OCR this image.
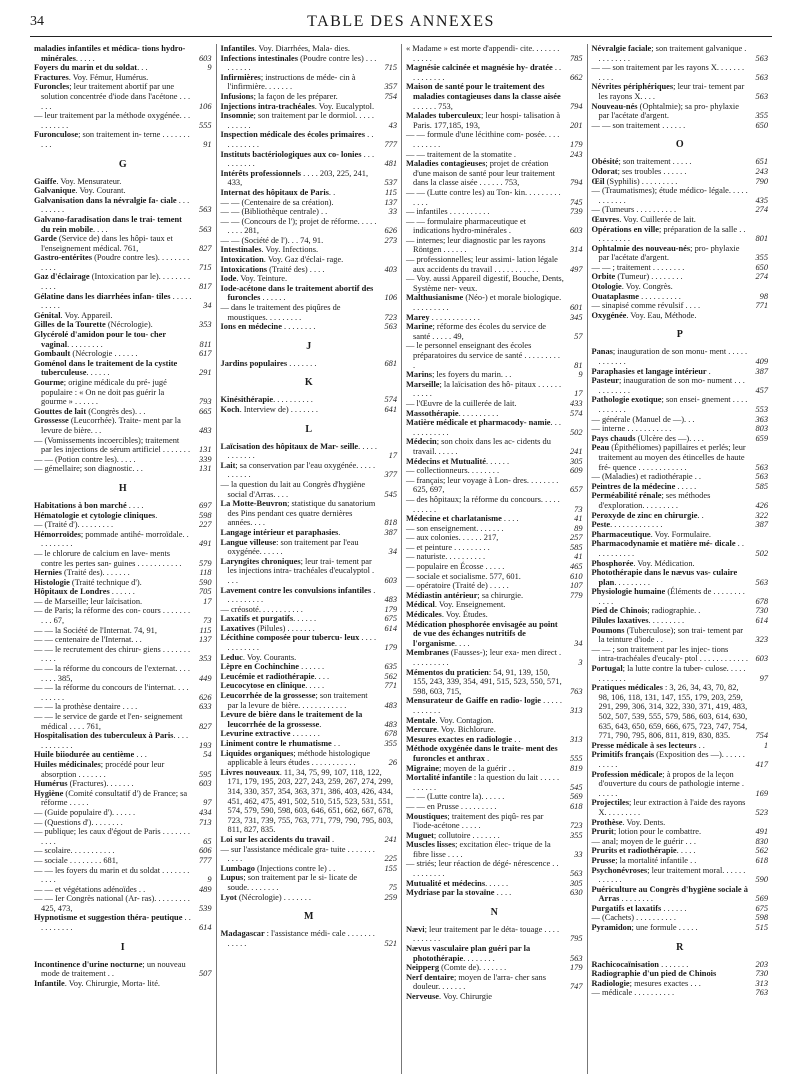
34	TABLE DES ANNEXES

maladies infantiles et médica- tions hydro-minérales. . . . .	603

Foyers du marin et du soldat. . .	9

Fractures. Voy. Fémur, Humérus.

Furoncles; leur traitement abortif par une solution concentrée d'iode dans l'acétone . . . . . .	106

— leur traitement par la méthode oxygénée. . . . . . . . . .	555

Furonculose; son traitement in- terne . . . . . . . . . .	91

G

Gaiffe. Voy. Mensurateur.

Galvanique. Voy. Courant.

Galvanisation dans la névralgie fa- ciale . . . . . . . . .	563

Galvano-faradisation dans le trai- tement du rein mobile. . . .	563

Garde (Service de) dans les hôpi- taux et l'enseignement médical. 761,	827

Gastro-entérites (Poudre contre les). . . . . . . . . . . .	715

Gaz d'éclairage (Intoxication par le). . . . . . . . . . . .	817

Gélatine dans les diarrhées infan- tiles . . . . . . . . . .	34

Génital. Voy. Appareil.

Gilles de la Tourette (Nécrologie).	353

Glycérolé d'amidon pour le tou- cher vaginal. . . . . . . . .	811

Gombault (Nécrologie . . . . . .	617

Goménol dans le traitement de la cystite tuberculeuse. . . . . .	291

Gourme; origine médicale du pré- jugé populaire : « On ne doit pas guérir la gourme » . . . . . .	793

Gouttes de lait (Congrès des). . .	665

Grossesse (Leucorrhée). Traite- ment par la levure de bière. . .	483

— (Vomissements incoercibles); traitement par les injections de sérum artificiel . . . . . . . 131

— — (Potion contre les). . . . .	339

— gémellaire; son diagnostic. . .	131

H

Habitations à bon marché . . . .	697

Hématologie et cytologie cliniques.	598

— (Traité d'). . . . . . . . .	227

Hémorroïdes; pommade antihé- morroïdale. . . . . . . . . .	491

— le chlorure de calcium en lave- ments contre les pertes san- guines . . . . . . . . . . . 579

Hernies (Traité des). . . . . . .	118

Histologie (Traité technique d').	590

Hôpitaux de Londres . . . . . .	705

— de Marseille; leur laïcisation.	17

— de Paris; la réforme des con- cours . . . . . . . . . . 67,	73

— — la Société de l'Internat. 74, 91,	115

— — centenaire de l'Internat. . .	137

— — le recrutement des chirur- giens . . . . . . . . . . .	353

— — la réforme du concours de l'externat. . . . . . . . 385,	449

— — la réforme du concours de l'internat. . . . . . . . . .	626

— — la prothèse dentaire . . . .	633

— — le service de garde et l'en- seignement médical . . . . 761,	827

Hospitalisation des tuberculeux à Paris. . . . . . . . . . . .	193

Huile biiodurée au centième . . .	54

Huiles médicinales; procédé pour leur absorption . . . . . . .	595

Humérus (Fractures). . . . . . .	603

Hygiène (Comité consultatif d') de France; sa réforme . . . . .	97

— (Guide populaire d'). . . . . .	434

— (Questions d'). . . . . . . .	713

— publique; les caux d'égout de Paris . . . . . . . . . . .	65

— scolaire. . . . . . . . . . .	606

— sociale . . . . . . . . 681,	777

— — les foyers du marin et du soldat . . . . . . . . . . .	9

— — et végétations adénoïdes . .	489

— — Ier Congrès national (Ar- ras). . . . . . . . . 425, 473,	539

Hypnotisme et suggestion théra- peutique . . . . . . . . . .	614

I

Incontinence d'urine nocturne; un nouveau mode de traitement . .	507

Infantile. Voy. Chirurgie, Morta- lité.

Infantiles. Voy. Diarrhées, Mala- dies.

Infections intestinales (Poudre contre les) . . . . . . . . .	715

Infirmières; instructions de méde- cin à l'infirmière. . . . . . .	357

Infusions; la façon de les préparer.	754

Injections intra-trachéales. Voy. Eucalyptol.

Insomnie; son traitement par le dormiol. . . . . . . . . . .	43

Inspection médicale des écoles primaires . . . . . . . . . .	777

Instituts bactériologiques aux co- lonies . . . . . . . . . .	481

Intérêts professionnels . . . . 203, 225, 241, 433,	537

Internat des hôpitaux de Paris. .	115

— — (Centenaire de sa création).	137

— — (Bibliothèque centrale) . .	33

— — (Concours de l'); projet de réforme. . . . . . . . . 281,	626

— — (Société de l'). . . 74, 91.	273

Intestinales. Voy. Infections.

Intoxication. Voy. Gaz d'éclai- rage.

Intoxications (Traité des) . . . .	403

Iode. Voy. Teinture.

Iode-acétone dans le traitement abortif des furoncles . . . . . .	106

— dans le traitement des piqûres de moustiques. . . . . . . . .	723

Ions en médecine . . . . . . . .	563

J

Jardins populaires . . . . . . .	681

K

Kinésithérapie. . . . . . . . . .	574

Koch. Interview de) . . . . . . .	641

L

Laïcisation des hôpitaux de Mar- seille. . . . . . . . . . . .	17

Lait; sa conservation par l'eau oxygénée. . . . . . . . . . .	377

— la question du lait au Congrès d'hygiène social d'Arras. . . .	545

La Motte-Beuvron; statistique du sanatorium des Pins pendant ces quatre dernières années. . . .	818

Langage intérieur et paraphasies.	387

Langue villeuse: son traitement par l'eau oxygénée. . . . . .	34

Laryngites chroniques; leur trai- tement par les injections intra- trachéales d'eucalyptol . . . .	603

Lavement contre les convulsions infantiles . . . . . . . . . .	483

— créosoté. . . . . . . . . . .	179

Laxatifs et purgatifs. . . . . .	675

Laxatives (Pilules) . . . . . . .	614

Lécithine composée pour tubercu- leux . . . . . . . . . . . .	179

Leduc. Voy. Courants.

Lèpre en Cochinchine . . . . . .	635

Leucémie et radiothérapie. . . .	562

Leucocytose en clinique. . . . .	771

Leucorrhée de la grossesse; son traitement par la levure de bière. . . . . . . . . . . .	483

Levure de bière dans le traitement de la leucorrhée de la grossesse.	483

Levurine extractive . . . . . . .	678

Liniment contre le rhumatisme . .	355

Liquides organiques; méthode histologique applicable à leurs études . . . . . . . . . . .	26

Livres nouveaux. 11, 34, 75, 99, 107, 118, 122, 171, 179, 195, 203, 227, 243, 259, 267, 274, 299, 314, 330, 357, 354, 363, 371, 386, 403, 426, 434, 451, 462, 475, 491, 502, 510, 515, 523, 531, 551, 574, 579, 590, 598, 603, 646, 651, 662, 667, 678, 723, 731, 739, 755, 763, 771, 779, 790, 795, 803, 811, 827, 835.

Loi sur les accidents du travail .	241

— sur l'assistance médicale gra- tuite . . . . . . . . . . .	225

Lumbago (Injections contre le) . .	155

Lupus; son traitement par le si- licate de soude. . . . . . . .	75

Lyot (Nécrologie) . . . . . . .	259

M

Madagascar : l'assistance médi- cale . . . . . . . . . . . .	521

« Madame » est morte d'appendi- cite. . . . . . . . . . . .	785

Magnésie calcinée et magnésie hy- dratée . . . . . . . . . .	662

Maison de santé pour le traitement des maladies contagieuses dans la classe aisée . . . . . . 753,	794

Malades tuberculeux; leur hospi- talisation à Paris. 177,185, 193,	201

— — formule d'une lécithine com- posée. . . . . . . . . . .	179

— — traitement de la stomatite .	243

Maladies contagieuses; projet de création d'une maison de santé pour leur traitement dans la classe aisée . . . . . . 753,	794

— — (Lutte contre les) au Ton- kin. . . . . . . . . . . . .	745

— infantiles . . . . . . . . . .	739

— — formulaire pharmaceutique et indications hydro-minérales .	603

— internes; leur diagnostic par les rayons Röntgen . . . . . .	314

— professionnelles; leur assimi- lation légale aux accidents du travail . . . . . . . . . . .	497

— Voy. aussi Appareil digestif, Bouche, Dents, Système ner- veux.

Malthusianisme (Néo-) et morale biologique. . . . . . . . . .	601

Marey . . . . . . . . . . . .	345

Marine; réforme des écoles du service de santé . . . . . 49,	57

— le personnel enseignant des écoles préparatoires du service de santé . . . . . . . . . .	81

Marins; les foyers du marin. . .	9

Marseille; la laïcisation des hô- pitaux . . . . . . . . . . .	17

— l'Œuvre de la cuillerée de lait.	433

Massothérapie. . . . . . . . . .	574

Matière médicale et pharmacody- namie. . . . . . . . . . . .	502

Médecin; son choix dans les ac- cidents du travail. . . . . .	241

Médecins et Mutualité. . . . . .	305

— collectionneurs. . . . . . . .	609

— français; leur voyage à Lon- dres. . . . . . . . 625, 697,	657

— des hôpitaux; la réforme du concours. . . . . . . . . . .	73

Médecine et charlatanisme . . . .	41

— son enseignement. . . . . . .	89

— aux colonies. . . . . . 217,	257

— et peinture . . . . . . . . .	585

— naturiste. . . . . . . . . .	41

— populaire en Écosse . . . . .	465

— sociale et socialisme. 577, 601.	610

— opératoire (Traité de) . . . . .	107

Médiastin antérieur; sa chirurgie.	779

Médical. Voy. Enseignement.

Médicales. Voy. Études.

Médication phosphorée envisagée au point de vue des échanges nutritifs de l'organisme. . . .	34

Membranes (Fausses-); leur exa- men direct . . . . . . . . . .	3

Mémentos du praticien: 54, 91, 139, 150, 155, 243, 339, 354, 491, 515, 523, 550, 571, 598, 603, 715,	763

Mensurateur de Gaiffe en radio- logie . . . . . . . . . . . .	313

Mentale. Voy. Contagion.

Mercure. Voy. Bichlorure.

Mesures exactes en radiologie . .	313

Méthode oxygénée dans le traite- ment des furoncles et anthrax .	555

Migraine; moyen de la guérir . .	819

Mortalité infantile : la question du lait . . . . . . . . . . .	545

— — (Lutte contre la). . . . . .	569

— — en Prusse . . . . . . . . .	618

Moustiques; traitement des piqû- res par l'iode-acétone . . . . .	723

Muguet; collutoire . . . . . . .	355

Muscles lisses; excitation élec- trique de la fibre lisse . . . .	33

— striés; leur réaction de dégé- nérescence . . . . . . . . . .	563

Mutualité et médecins. . . . . .	305

Mydriase par la stovaïne . . . .	630

N

Nævi; leur traitement par le déta- touage . . . . . . . . . . .	795

Nævus vasculaire plan guéri par la photothérapie. . . . . . . .	563

Neipperg (Comte de). . . . . . .	179

Nerf dentaire; moyen de l'arra- cher sans douleur. . . . . . .	747

Nerveuse. Voy. Chirurgie

Névralgie faciale; son traitement galvanique . . . . . . . . .	563

— — son traitement par les rayons X. . . . . . . . . . .	563

Névrites périphériques; leur trai- tement par les rayons X. . . .	563

Nouveau-nés (Ophtalmie); sa pro- phylaxie par l'acétate d'argent.	355

— — son traitement . . . . . .	650

O

Obésité; son traitement . . . . .	651

Odorat; ses troubles . . . . . .	243

Œil (Syphilis) . . . . . . . . .	790

— (Traumatismes); étude médico- légale. . . . . . . . . . . .	435

— (Tumeurs . . . . . . . . . .	274

Œuvres. Voy. Cuillerée de lait.

Opérations en ville; préparation de la salle . . . . . . . . . .	801

Ophtalmie des nouveau-nés; pro- phylaxie par l'acétate d'argent.	355

— — ; traitement . . . . . . . .	650

Orbite (Tumeur) . . . . . . . .	274

Otologie. Voy. Congrès.

Ouataplasme . . . . . . . . . .	98

— sinapisé comme révulsif . . . .	771

Oxygénée. Voy. Eau, Méthode.

P

Panas; inauguration de son monu- ment . . . . . . . . . . . .	409

Paraphasies et langage intérieur .	387

Pasteur; inauguration de son mo- nument . . . . . . . . . . .	457

Pathologie exotique; son ensei- gnement . . . . . . . . . . .	553

— générale (Manuel de —). . .	363

— interne . . . . . . . . . . .	803

Pays chauds (Ulcère des —). . . .	659

Peau (Épithéliomes) papillaires et perlés; leur traitement au moyen des étincelles de haute fré- quence . . . . . . . . . . . .	563

— (Maladies) et radiothérapie . .	563

Peintres de la médecine . . . . .	585

Perméabilité rénale; ses méthodes d'exploration. . . . . . . . .	426

Peroxyde de zinc en chirurgie. .	322

Peste. . . . . . . . . . . . .	387

Pharmaceutique. Voy. Formulaire.

Pharmacodynamie et matière mé- dicale . . . . . . . . . . .	502

Phosphorée. Voy. Médication.

Photothérapie dans le nævus vas- culaire plan. . . . . . . . .	563

Physiologie humaine (Éléments de . . . . . . . . . . . .	678

Pied de Chinois; radiographie. .	730

Pilules laxatives. . . . . . . . .	614

Poumons (Tuberculose); son trai- tement par la teinture d'iode . .	323

— — ; son traitement par les injec- tions intra-trachéales d'eucaly- ptol . . . . . . . . . . . . 603

Portugal; la lutte contre la tuber- culose. . . . . . . . . . . .	97

Pratiques médicales : 3, 26, 34, 43, 70, 82, 98, 106, 118, 131, 147, 155, 179, 203, 259, 291, 299, 306, 314, 322, 330, 371, 419, 483, 502, 507, 539, 555, 579, 586, 603, 614, 630, 635, 643, 650, 659, 666, 675, 723, 747, 754, 771, 790, 795, 806, 811, 819, 830, 835.	754

Presse médicale à ses lecteurs . .	1

Primitifs français (Exposition des —). . . . . . . . . . .	417

Profession médicale; à propos de la leçon d'ouverture du cours de pathologie interne . . . . . .	169

Projectiles; leur extraction à l'aide des rayons X. . . . . . . . .	523

Prothèse. Voy. Dents.

Prurit; lotion pour le combattre.	491

— anal; moyen de le guérir . . .	830

Prurits et radiothérapie. . . . .	562

Prusse; la mortalité infantile . .	618

Psychonévroses; leur traitement moral. . . . . . . . . . . .	590

Puériculture au Congrès d'hygiène sociale à Arras . . . . . . . .	569

Purgatifs et laxatifs . . . . . .	675

— (Cachets) . . . . . . . . . .	598

Pyramidon; une formule . . . . .	515

R

Rachicocaïnisation . . . . . . .	203

Radiographie d'un pied de Chinois	730

Radiologie; mesures exactes . . .	313

— médicale . . . . . . . . . .	763
